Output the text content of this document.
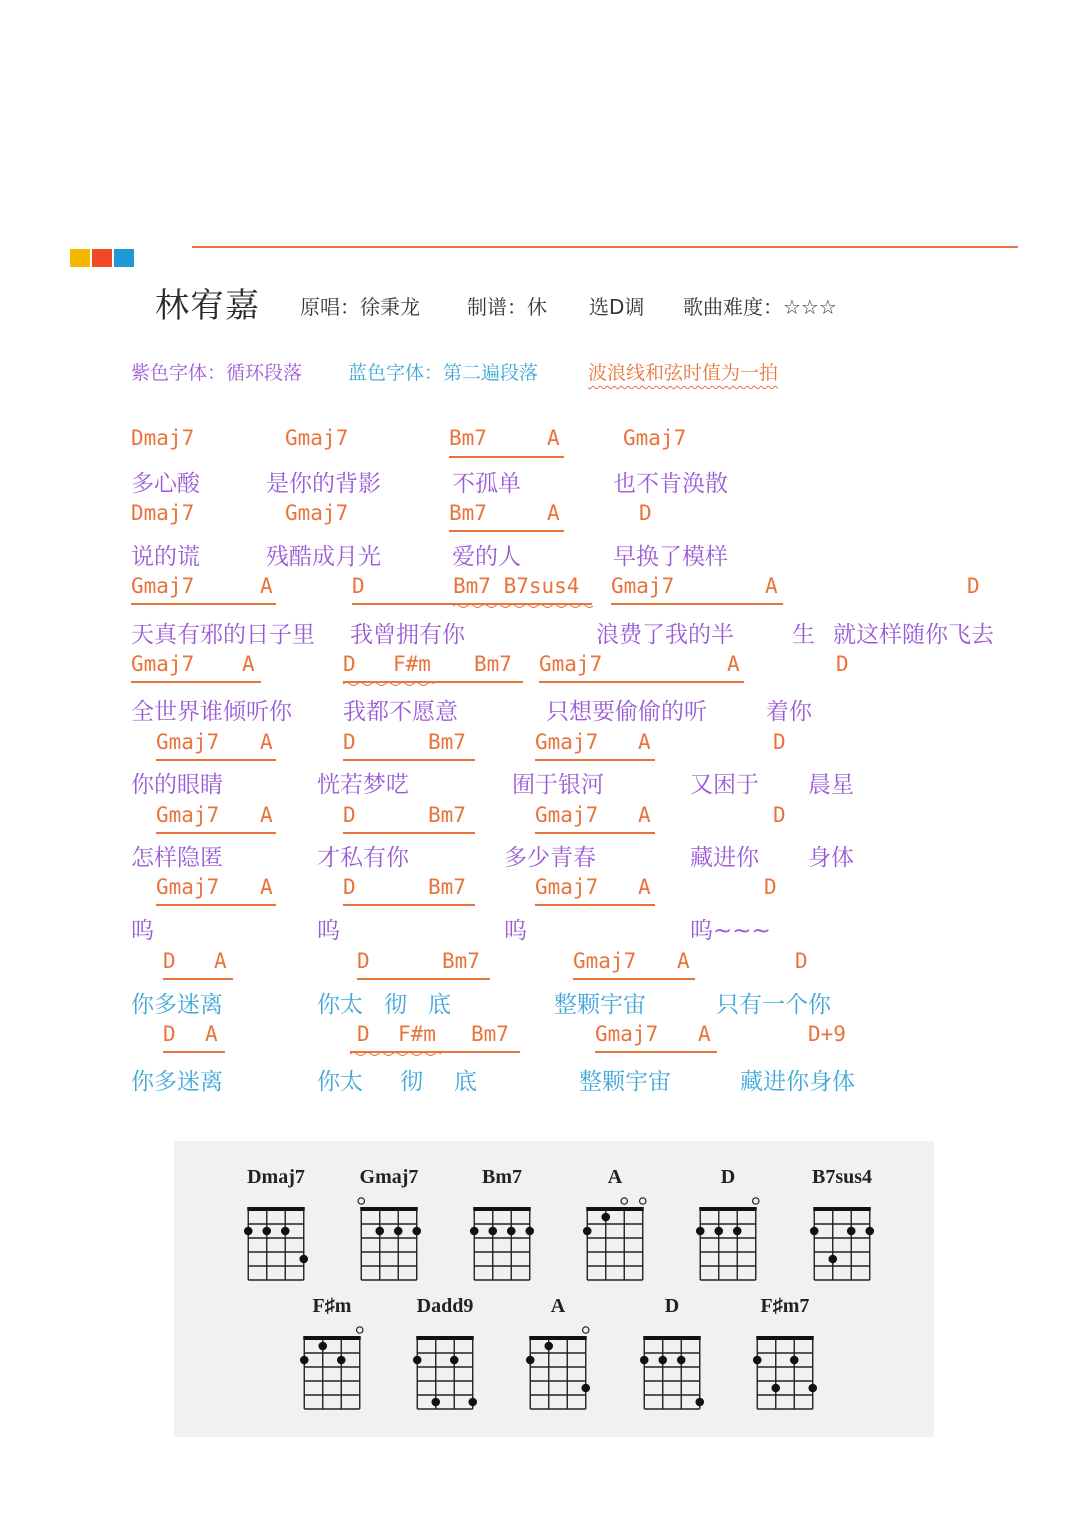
林宥嘉 原唱：徐秉龙 制谱：休 选D调 歌曲难度：☆☆☆
紫色字体：循环段落 蓝色字体：第二遍段落	波浪线和弦时值为一拍
Dmaj7	Gmaj7	Bm7	A	Gmaj7
多心酸	是你的背影	不孤单	也不肯涣散
Dmaj7	Gmaj7	Bm7	A	D
说的谎	残酷成月光	爱的人	早换了模样
Gmaj7	A	D	Bm7 B7sus4 Gmaj7	A	D
天真有邪的日子里 我曾拥有你	浪费了我的半	生 就这样随你飞去
Gmaj7 A	D F#m Bm7 Gmaj7	A	D
全世界谁倾听你 我都不愿意	只想要偷偷的听	着你
Gmaj7 A	D	Bm7	Gmaj7 A	D
你的眼睛	恍若梦呓	囿于银河	又困于 晨星
Gmaj7 A	D	Bm7	Gmaj7 A	D
怎样隐匿	才私有你	多少青春	藏进你 身体
Gmaj7 A	D	Bm7	Gmaj7 A	D
呜	呜	呜	呜~~~
D A	D	Bm7	Gmaj7 A	D
你多迷离	你太 彻 底	整颗宇宙	只有一个你
D A	D F#m Bm7	Gmaj7 A	D+9
你多迷离	你太 彻 底	整颗宇宙	藏进你身体
Dmaj7	Gmaj7	Bm7	A	D	B7sus4
F♯m	Dadd9	A	D	F♯m7
